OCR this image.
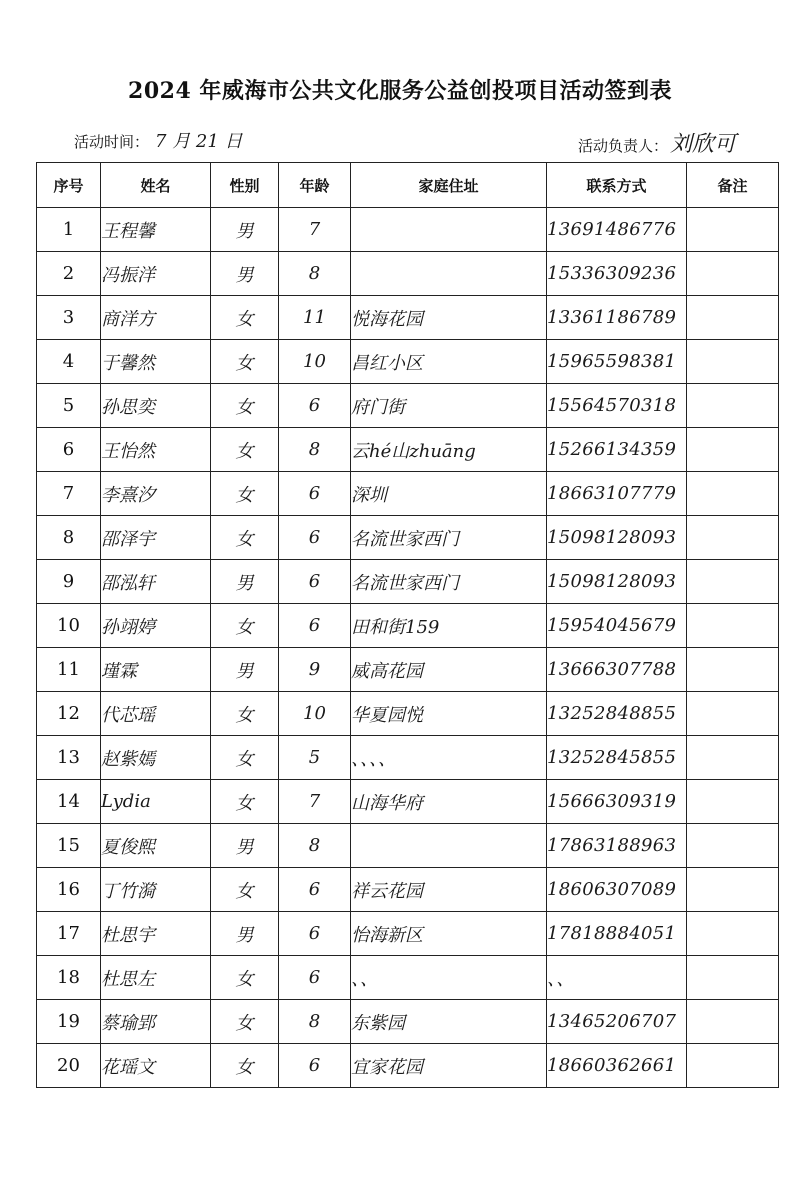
2024 年威海市公共文化服务公益创投项目活动签到表
活动时间： 7 月 21 日	活动负责人：刘欣可
序号	姓名	性别	年龄	家庭住址	联系方式	备注
1	王程馨	男	7		13691486776	
2	冯振洋	男	8		15336309236	
3	商洋方	女	11	悦海花园	13361186789	
4	于馨然	女	10	昌红小区	15965598381	
5	孙思奕	女	6	府门街	15564570318	
6	王怡然	女	8	云hé山zhuāng	15266134359	
7	李熹汐	女	6	深圳	18663107779	
8	邵泽宇	女	6	名流世家西门	15098128093	
9	邵泓轩	男	6	名流世家西门	15098128093	
10	孙翊婷	女	6	田和街159	15954045679	
11	瑾霖	男	9	威高花园	13666307788	
12	代芯瑶	女	10	华夏园悦	13252848855	
13	赵紫嫣	女	5	、、、、	13252845855	
14	Lydia	女	7	山海华府	15666309319	
15	夏俊熙	男	8		17863188963	
16	丁竹漪	女	6	祥云花园	18606307089	
17	杜思宇	男	6	怡海新区	17818884051	
18	杜思左	女	6	、、	、、	
19	蔡瑜郢	女	8	东紫园	13465206707	
20	花瑶文	女	6	宜家花园	18660362661	
